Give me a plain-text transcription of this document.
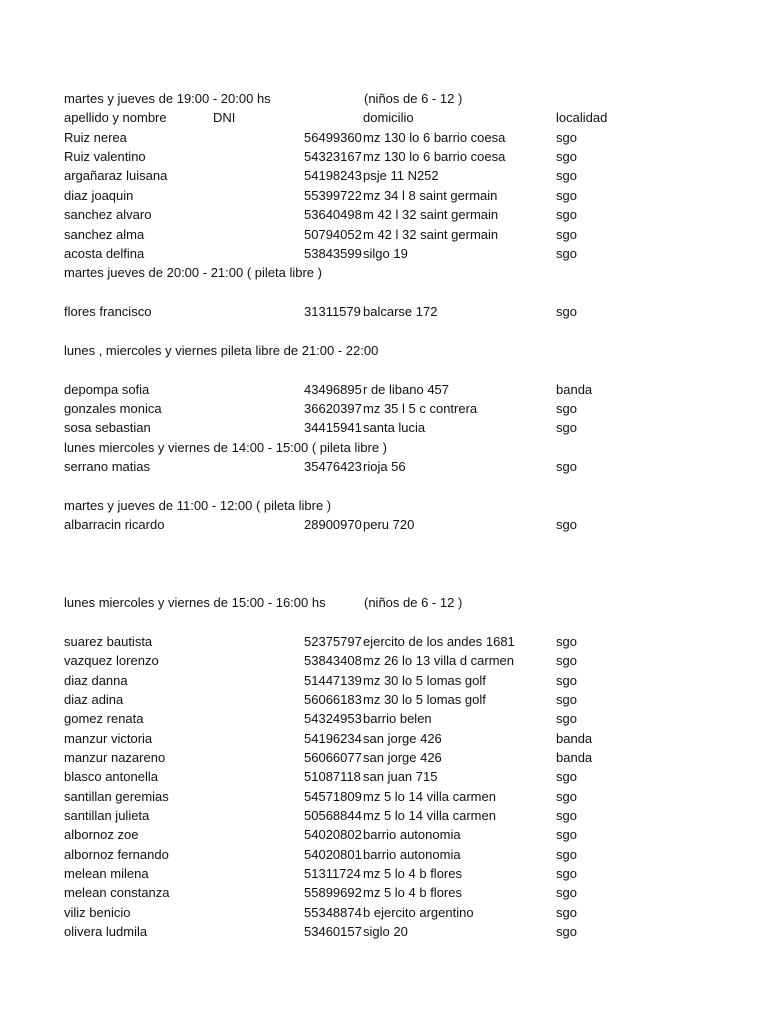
martes y jueves de 19:00 - 20:00 hs	(niños de 6 - 12 )
apellido y nombre	DNI	domicilio	localidad
Ruiz nerea	56499360 mz 130 lo 6 barrio coesa	sgo
Ruiz valentino	54323167 mz 130 lo 6 barrio coesa	sgo
argañaraz luisana	54198243 psje 11 N252	sgo
diaz joaquin	55399722 mz 34 l 8 saint germain	sgo
sanchez alvaro	53640498 m 42 l 32 saint germain	sgo
sanchez alma	50794052 m 42 l 32 saint germain	sgo
acosta delfina	53843599 silgo 19	sgo
martes jueves de 20:00 - 21:00 ( pileta libre )
flores francisco	31311579 balcarse 172	sgo
lunes , miercoles y viernes pileta libre de 21:00 - 22:00
depompa sofia	43496895 r de libano 457	banda
gonzales monica	36620397 mz 35 l 5 c contrera	sgo
sosa sebastian	34415941 santa lucia	sgo
lunes miercoles y viernes de 14:00 - 15:00 ( pileta libre )
serrano matias	35476423 rioja 56	sgo
martes y jueves de 11:00 - 12:00 ( pileta libre )
albarracin ricardo	28900970 peru 720	sgo
lunes miercoles y viernes de 15:00 - 16:00 hs	(niños de 6 - 12 )
suarez bautista	52375797 ejercito de los andes 1681	sgo
vazquez lorenzo	53843408 mz 26 lo 13 villa d carmen	sgo
diaz danna	51447139 mz 30 lo 5 lomas golf	sgo
diaz adina	56066183 mz 30 lo 5 lomas golf	sgo
gomez renata	54324953 barrio belen	sgo
manzur victoria	54196234 san jorge 426	banda
manzur nazareno	56066077 san jorge 426	banda
blasco antonella	51087118 san juan 715	sgo
santillan geremias	54571809 mz 5 lo 14 villa carmen	sgo
santillan julieta	50568844 mz 5 lo 14 villa carmen	sgo
albornoz zoe	54020802 barrio autonomia	sgo
albornoz fernando	54020801 barrio autonomia	sgo
melean milena	51311724 mz 5 lo 4 b flores	sgo
melean constanza	55899692 mz 5 lo 4 b flores	sgo
viliz benicio	55348874 b ejercito argentino	sgo
olivera ludmila	53460157 siglo 20	sgo
